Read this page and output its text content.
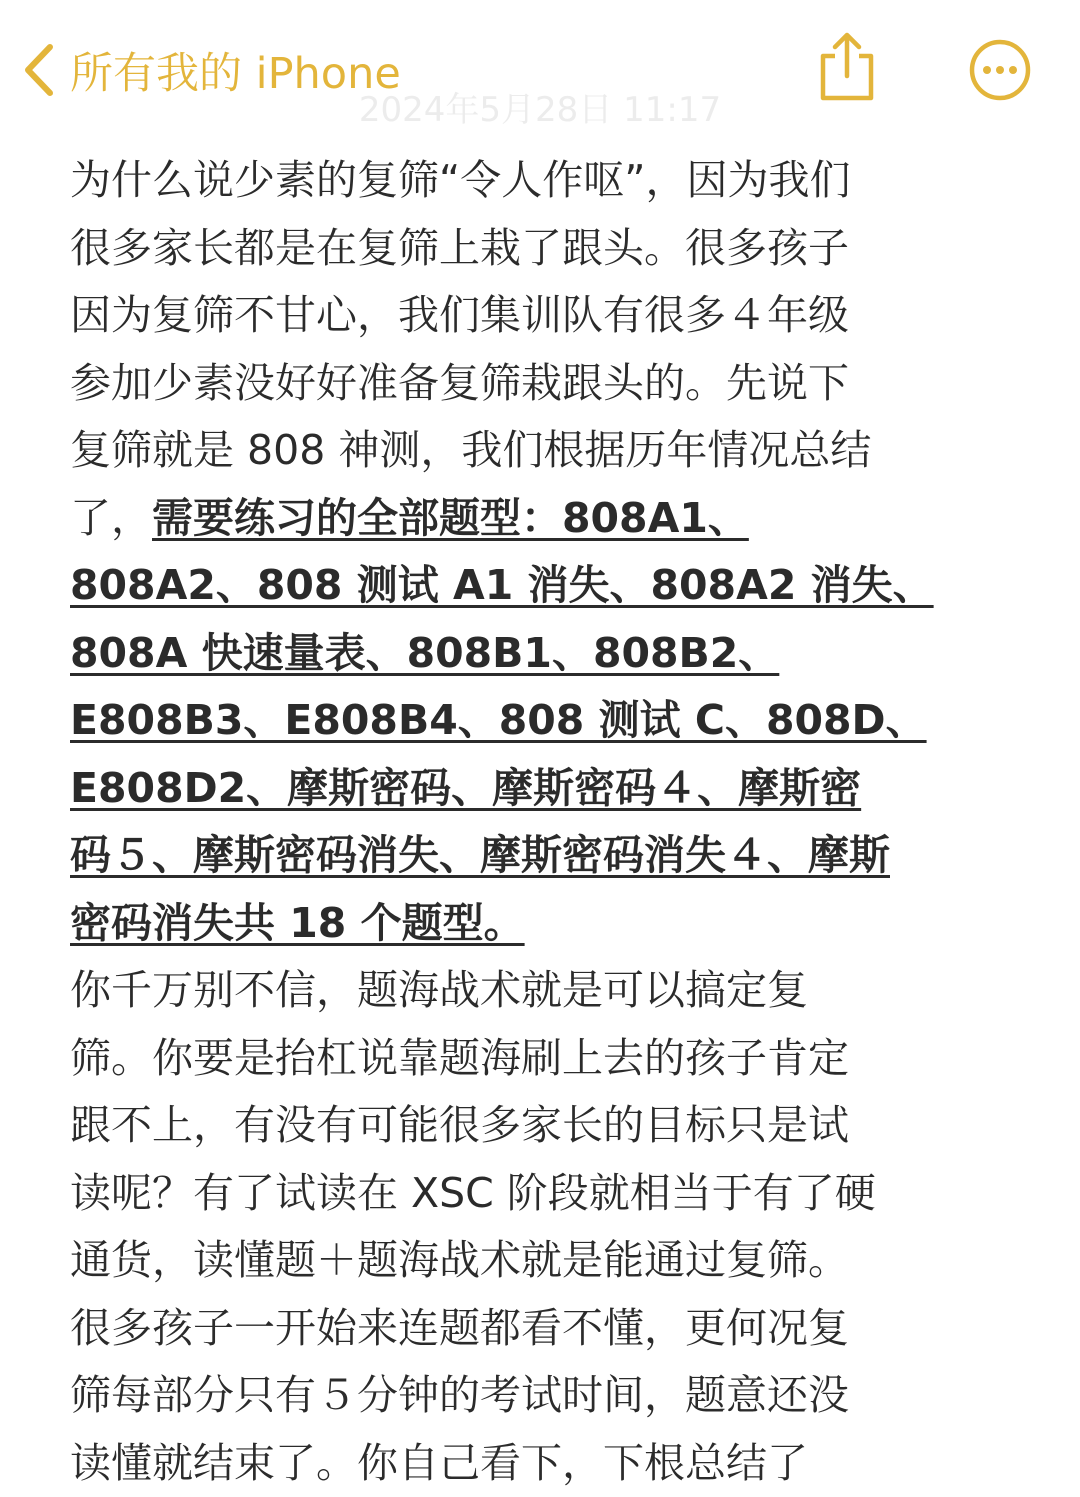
所有我的 iPhone
2024年5月28日 11:17
为什么说少素的复筛“令人作呕”，因为我们
很多家长都是在复筛上栽了跟头。很多孩子
因为复筛不甘心，我们集训队有很多４年级
参加少素没好好准备复筛栽跟头的。先说下
复筛就是 808 神测，我们根据历年情况总结
了，需要练习的全部题型：808A1、
808A2、808 测试 A1 消失、808A2 消失、
808A 快速量表、808B1、808B2、
E808B3、E808B4、808 测试 C、808D、
E808D2、摩斯密码、摩斯密码４、摩斯密
码５、摩斯密码消失、摩斯密码消失４、摩斯
密码消失共 18 个题型。
你千万别不信，题海战术就是可以搞定复
筛。你要是抬杠说靠题海刷上去的孩子肯定
跟不上，有没有可能很多家长的目标只是试
读呢？有了试读在 XSC 阶段就相当于有了硬
通货，读懂题＋题海战术就是能通过复筛。
很多孩子一开始来连题都看不懂，更何况复
筛每部分只有５分钟的考试时间，题意还没
读懂就结束了。你自己看下，下根总结了
